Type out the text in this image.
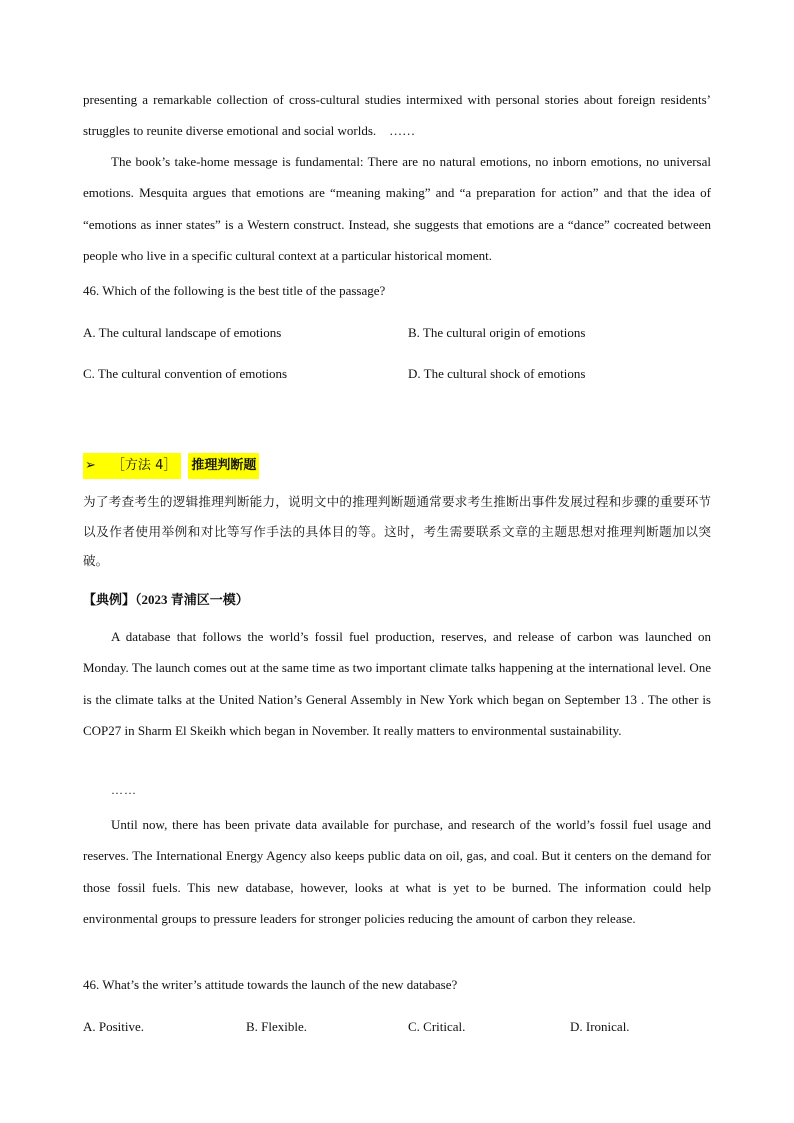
presenting a remarkable collection of cross-cultural studies intermixed with personal stories about foreign residents’ struggles to reunite diverse emotional and social worlds. ……

The book’s take-home message is fundamental: There are no natural emotions, no inborn emotions, no universal emotions. Mesquita argues that emotions are “meaning making” and “a preparation for action” and that the idea of “emotions as inner states” is a Western construct. Instead, she suggests that emotions are a “dance” cocreated between people who live in a specific cultural context at a particular historical moment.

46. Which of the following is the best title of the passage?

A. The cultural landscape of emotions	B. The cultural origin of emotions

C. The cultural convention of emotions	D. The cultural shock of emotions

➢	［方法 4］	推理判断题

为了考查考生的逻辑推理判断能力，说明文中的推理判断题通常要求考生推断出事件发展过程和步骤的重要环节以及作者使用举例和对比等写作手法的具体目的等。这时，考生需要联系文章的主题思想对推理判断题加以突破。

【典例】（2023 青浦区一模）

A database that follows the world’s fossil fuel production, reserves, and release of carbon was launched on Monday. The launch comes out at the same time as two important climate talks happening at the international level. One is the climate talks at the United Nation’s General Assembly in New York which began on September 13 . The other is COP27 in Sharm El Skeikh which began in November. It really matters to environmental sustainability.

……

Until now, there has been private data available for purchase, and research of the world’s fossil fuel usage and reserves. The International Energy Agency also keeps public data on oil, gas, and coal. But it centers on the demand for those fossil fuels. This new database, however, looks at what is yet to be burned. The information could help environmental groups to pressure leaders for stronger policies reducing the amount of carbon they release.

46. What’s the writer’s attitude towards the launch of the new database?

A. Positive.	B. Flexible.	C. Critical.	D. Ironical.
